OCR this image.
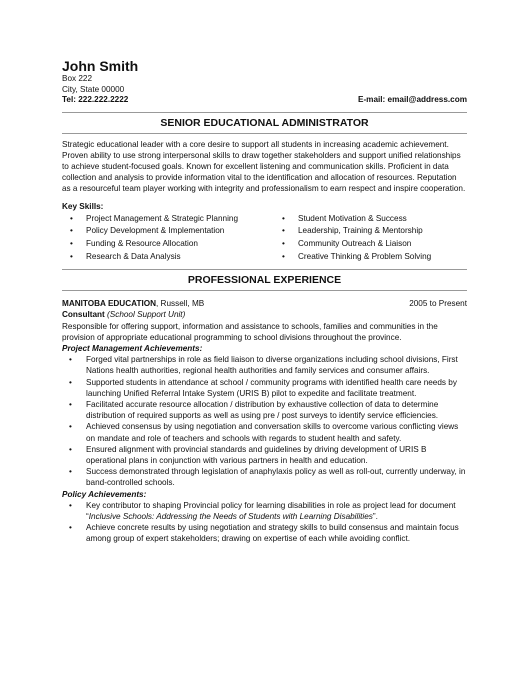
John Smith
Box 222
City, State 00000
Tel: 222.222.2222	E-mail: email@address.com
SENIOR EDUCATIONAL ADMINISTRATOR
Strategic educational leader with a core desire to support all students in increasing academic achievement. Proven ability to use strong interpersonal skills to draw together stakeholders and support unified relationships to achieve student-focused goals. Known for excellent listening and communication skills. Proficient in data collection and analysis to provide information vital to the identification and allocation of resources. Reputation as a resourceful team player working with integrity and professionalism to earn respect and inspire cooperation.
Key Skills:
• Project Management & Strategic Planning
• Policy Development & Implementation
• Funding & Resource Allocation
• Research & Data Analysis
• Student Motivation & Success
• Leadership, Training & Mentorship
• Community Outreach & Liaison
• Creative Thinking & Problem Solving
PROFESSIONAL EXPERIENCE
MANITOBA EDUCATION, Russell, MB	2005 to Present
Consultant (School Support Unit)
Responsible for offering support, information and assistance to schools, families and communities in the provision of appropriate educational programming to school divisions throughout the province.
Project Management Achievements:
• Forged vital partnerships in role as field liaison to diverse organizations including school divisions, First Nations health authorities, regional health authorities and family services and consumer affairs.
• Supported students in attendance at school / community programs with identified health care needs by launching Unified Referral Intake System (URIS B) pilot to expedite and facilitate treatment.
• Facilitated accurate resource allocation / distribution by exhaustive collection of data to determine distribution of required supports as well as using pre / post surveys to identify service efficiencies.
• Achieved consensus by using negotiation and conversation skills to overcome various conflicting views on mandate and role of teachers and schools with regards to student health and safety.
• Ensured alignment with provincial standards and guidelines by driving development of URIS B operational plans in conjunction with various partners in health and education.
• Success demonstrated through legislation of anaphylaxis policy as well as roll-out, currently underway, in band-controlled schools.
Policy Achievements:
• Key contributor to shaping Provincial policy for learning disabilities in role as project lead for document “Inclusive Schools: Addressing the Needs of Students with Learning Disabilities”.
• Achieve concrete results by using negotiation and strategy skills to build consensus and maintain focus among group of expert stakeholders; drawing on expertise of each while avoiding conflict.
